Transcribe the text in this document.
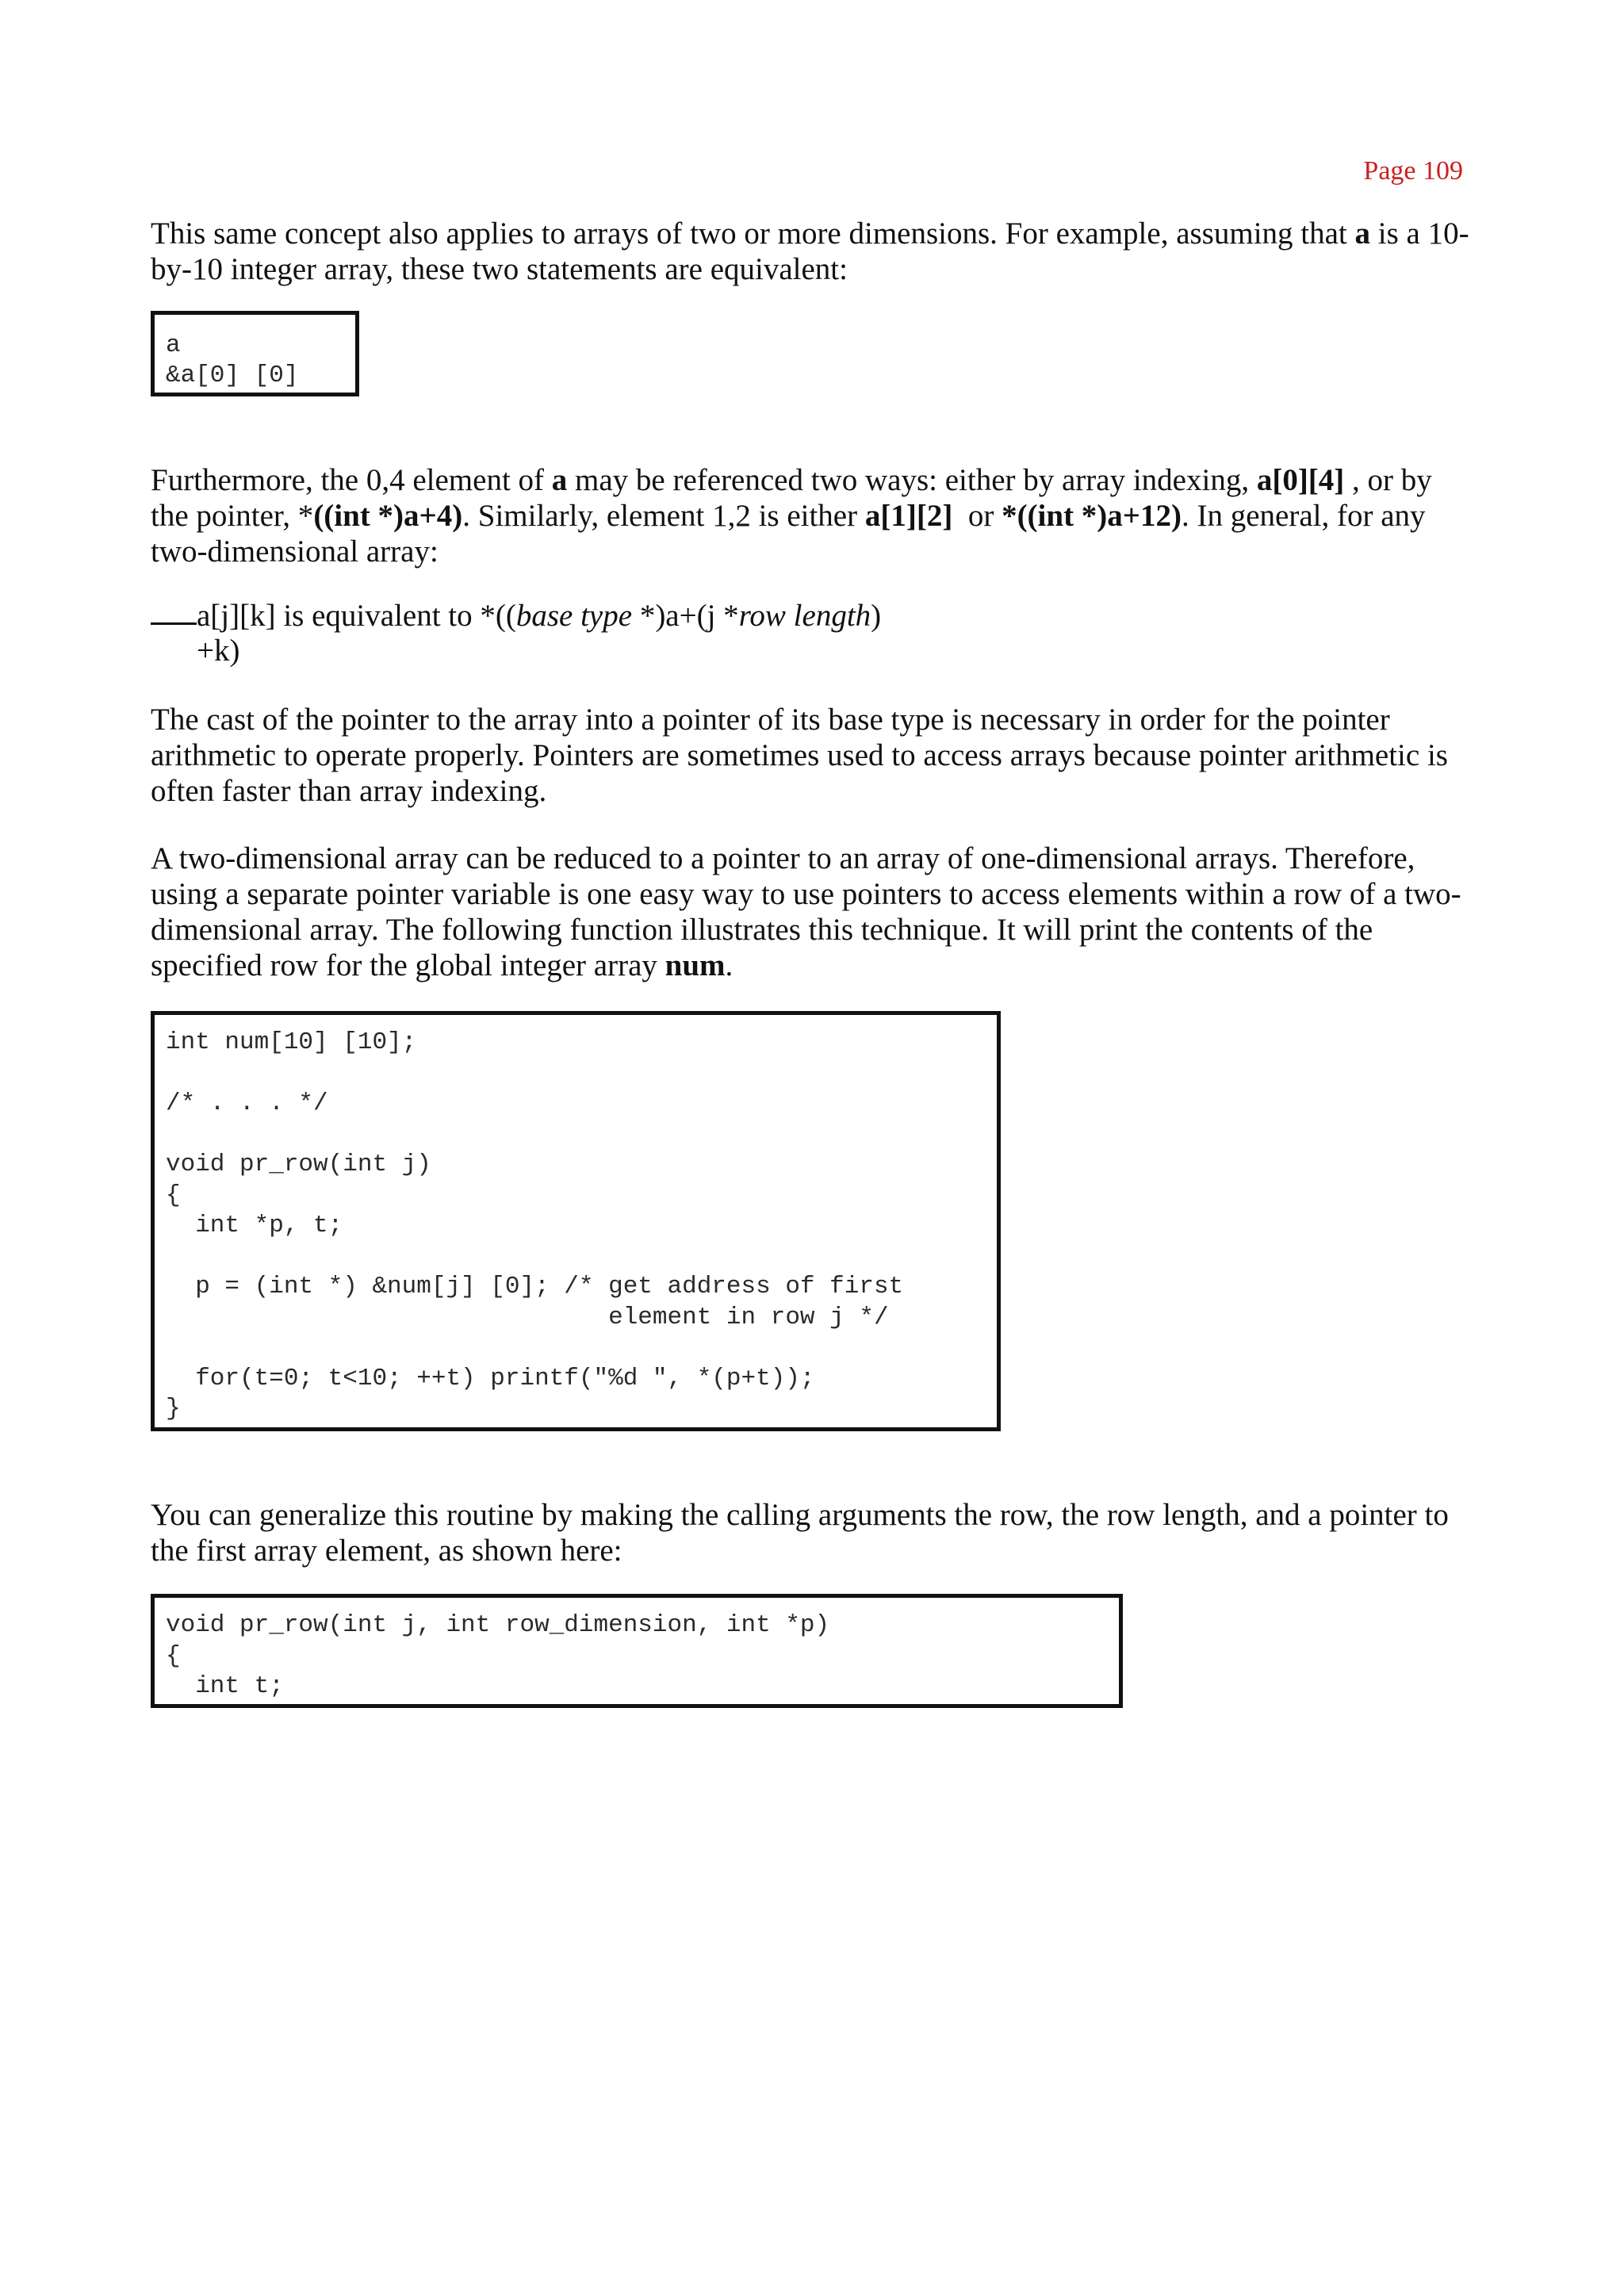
Page 109

This same concept also applies to arrays of two or more dimensions. For example, assuming that a is a 10-by-10 integer array, these two statements are equivalent:

a
&a[0] [0]

Furthermore, the 0,4 element of a may be referenced two ways: either by array indexing, a[0][4] , or by the pointer, *((int *)a+4). Similarly, element 1,2 is either a[1][2]  or *((int *)a+12). In general, for any two-dimensional array:

a[j][k] is equivalent to *((base type *)a+(j *row length)
+k)

The cast of the pointer to the array into a pointer of its base type is necessary in order for the pointer arithmetic to operate properly. Pointers are sometimes used to access arrays because pointer arithmetic is often faster than array indexing.

A two-dimensional array can be reduced to a pointer to an array of one-dimensional arrays. Therefore, using a separate pointer variable is one easy way to use pointers to access elements within a row of a two-dimensional array. The following function illustrates this technique. It will print the contents of the specified row for the global integer array num.

int num[10] [10];

/* . . . */

void pr_row(int j)
{
int *p, t;

p = (int *) &num[j] [0]; /* get address of first
element in row j */

for(t=0; t<10; ++t) printf("%d ", *(p+t));
}

You can generalize this routine by making the calling arguments the row, the row length, and a pointer to the first array element, as shown here:

void pr_row(int j, int row_dimension, int *p)
{
int t;
